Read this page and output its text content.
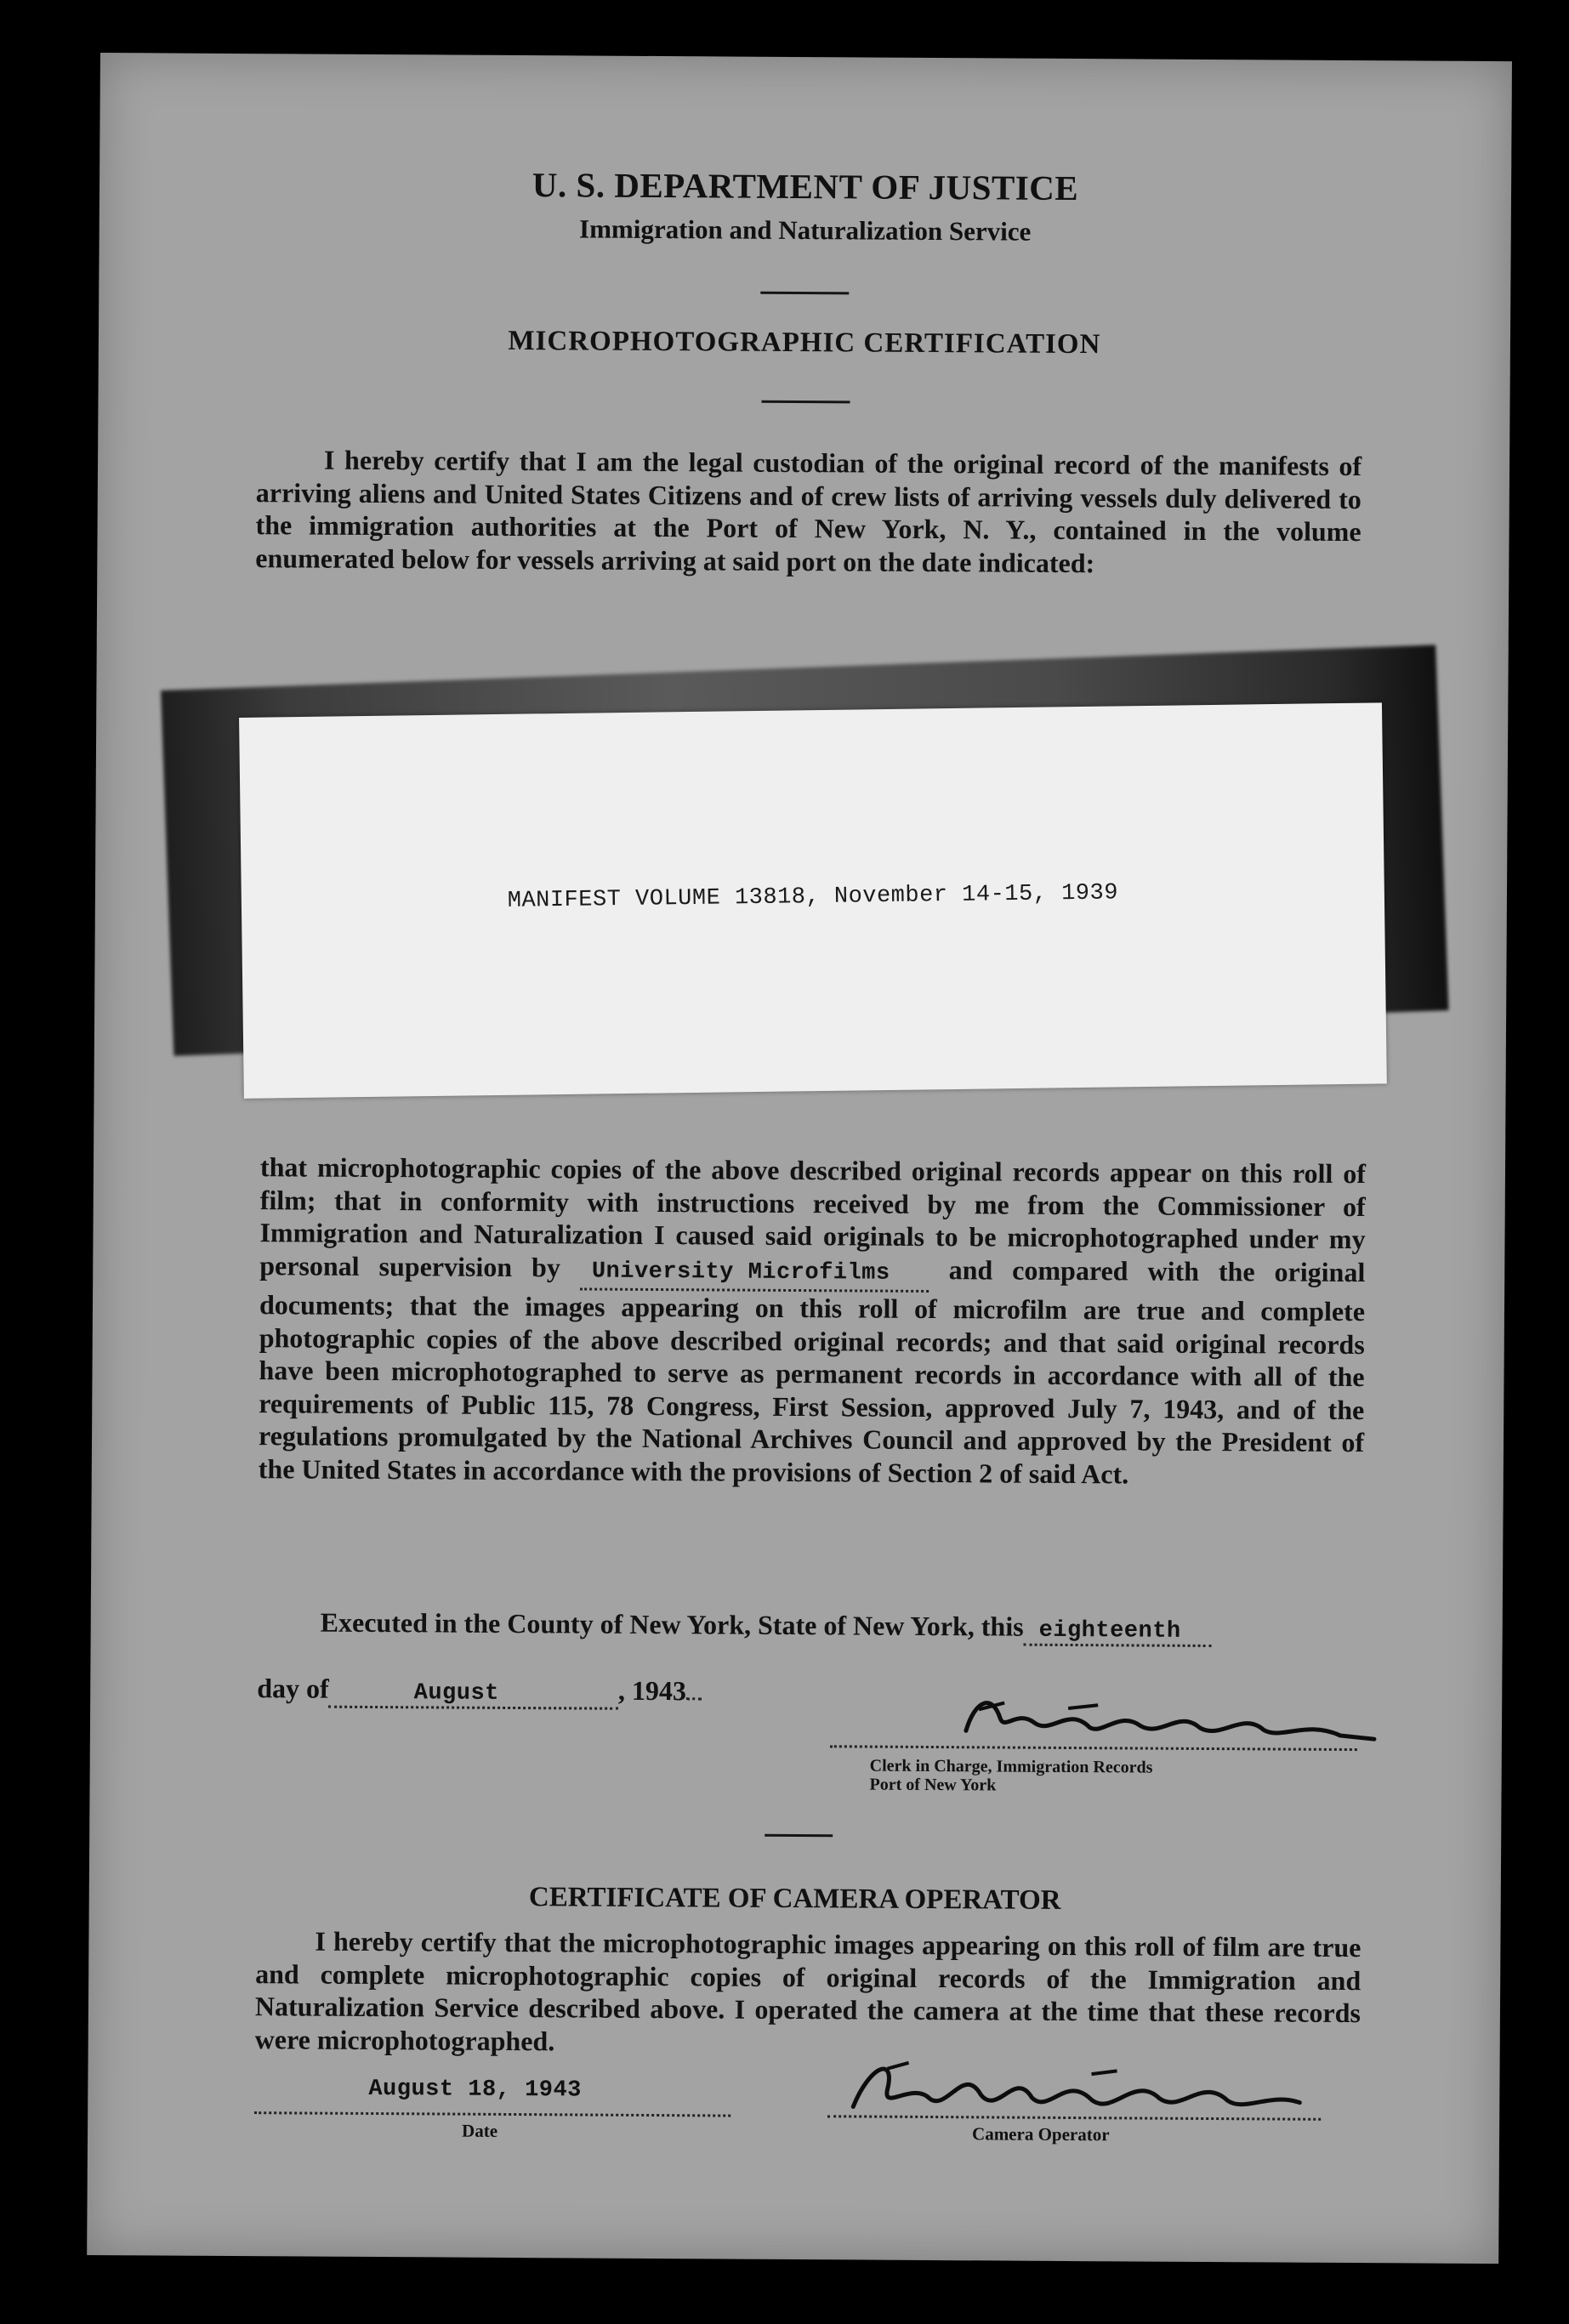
U. S. DEPARTMENT OF JUSTICE
Immigration and Naturalization Service
MICROPHOTOGRAPHIC CERTIFICATION
I hereby certify that I am the legal custodian of the original record of the manifests of arriving aliens and United States Citizens and of crew lists of arriving vessels duly delivered to the immigration authorities at the Port of New York, N. Y., contained in the volume enumerated below for vessels arriving at said port on the date indicated:
MANIFEST VOLUME 13818, November 14-15, 1939
that microphotographic copies of the above described original records appear on this roll of film; that in conformity with instructions received by me from the Commissioner of Immigration and Naturalization I caused said originals to be microphotographed under my personal supervision by University Microfilms and compared with the original documents; that the images appearing on this roll of microfilm are true and complete photographic copies of the above described original records; and that said original records have been microphotographed to serve as permanent records in accordance with all of the requirements of Public 115, 78 Congress, First Session, approved July 7, 1943, and of the regulations promulgated by the National Archives Council and approved by the President of the United States in accordance with the provisions of Section 2 of said Act.
Executed in the County of New York, State of New York, this eighteenth
day of	August	, 1943
Clerk in Charge, Immigration Records
Port of New York
CERTIFICATE OF CAMERA OPERATOR
I hereby certify that the microphotographic images appearing on this roll of film are true and complete microphotographic copies of original records of the Immigration and Naturalization Service described above. I operated the camera at the time that these records were microphotographed.
August 18, 1943
Date	Camera Operator
